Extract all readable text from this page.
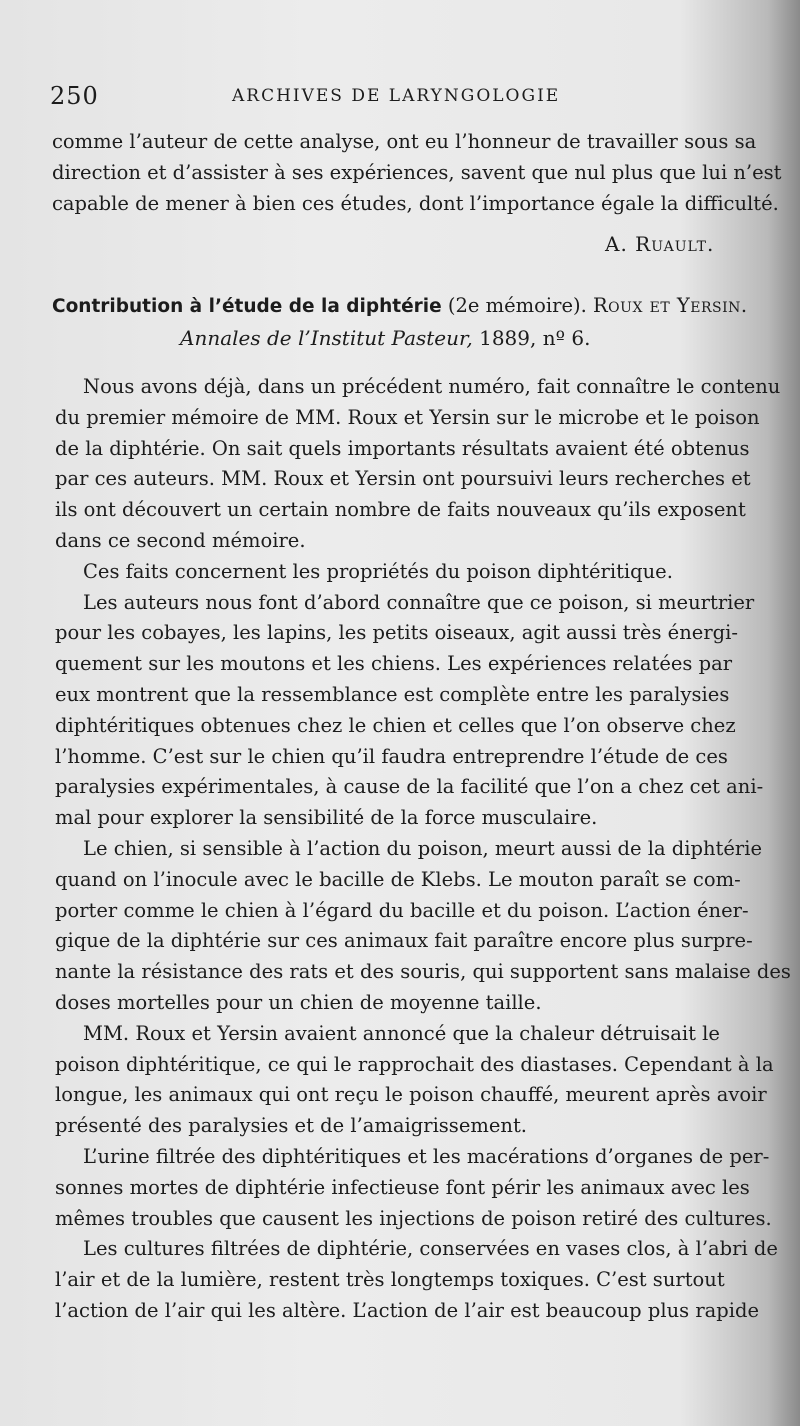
250	ARCHIVES DE LARYNGOLOGIE
comme l’auteur de cette analyse, ont eu l’honneur de travailler sous sa
direction et d’assister à ses expériences, savent que nul plus que lui n’est
capable de mener à bien ces études, dont l’importance égale la difficulté.
A. Ruault.
Contribution à l’étude de la diphtérie (2e mémoire). Roux et Yersin.
Annales de l’Institut Pasteur, 1889, nº 6.
Nous avons déjà, dans un précédent numéro, fait connaître le contenu
du premier mémoire de MM. Roux et Yersin sur le microbe et le poison
de la diphtérie. On sait quels importants résultats avaient été obtenus
par ces auteurs. MM. Roux et Yersin ont poursuivi leurs recherches et
ils ont découvert un certain nombre de faits nouveaux qu’ils exposent
dans ce second mémoire.
Ces faits concernent les propriétés du poison diphtéritique.
Les auteurs nous font d’abord connaître que ce poison, si meurtrier
pour les cobayes, les lapins, les petits oiseaux, agit aussi très énergi-
quement sur les moutons et les chiens. Les expériences relatées par
eux montrent que la ressemblance est complète entre les paralysies
diphtéritiques obtenues chez le chien et celles que l’on observe chez
l’homme. C’est sur le chien qu’il faudra entreprendre l’étude de ces
paralysies expérimentales, à cause de la facilité que l’on a chez cet ani-
mal pour explorer la sensibilité de la force musculaire.
Le chien, si sensible à l’action du poison, meurt aussi de la diphtérie
quand on l’inocule avec le bacille de Klebs. Le mouton paraît se com-
porter comme le chien à l’égard du bacille et du poison. L’action éner-
gique de la diphtérie sur ces animaux fait paraître encore plus surpre-
nante la résistance des rats et des souris, qui supportent sans malaise des
doses mortelles pour un chien de moyenne taille.
MM. Roux et Yersin avaient annoncé que la chaleur détruisait le
poison diphtéritique, ce qui le rapprochait des diastases. Cependant à la
longue, les animaux qui ont reçu le poison chauffé, meurent après avoir
présenté des paralysies et de l’amaigrissement.
L’urine filtrée des diphtéritiques et les macérations d’organes de per-
sonnes mortes de diphtérie infectieuse font périr les animaux avec les
mêmes troubles que causent les injections de poison retiré des cultures.
Les cultures filtrées de diphtérie, conservées en vases clos, à l’abri de
l’air et de la lumière, restent très longtemps toxiques. C’est surtout
l’action de l’air qui les altère. L’action de l’air est beaucoup plus rapide
